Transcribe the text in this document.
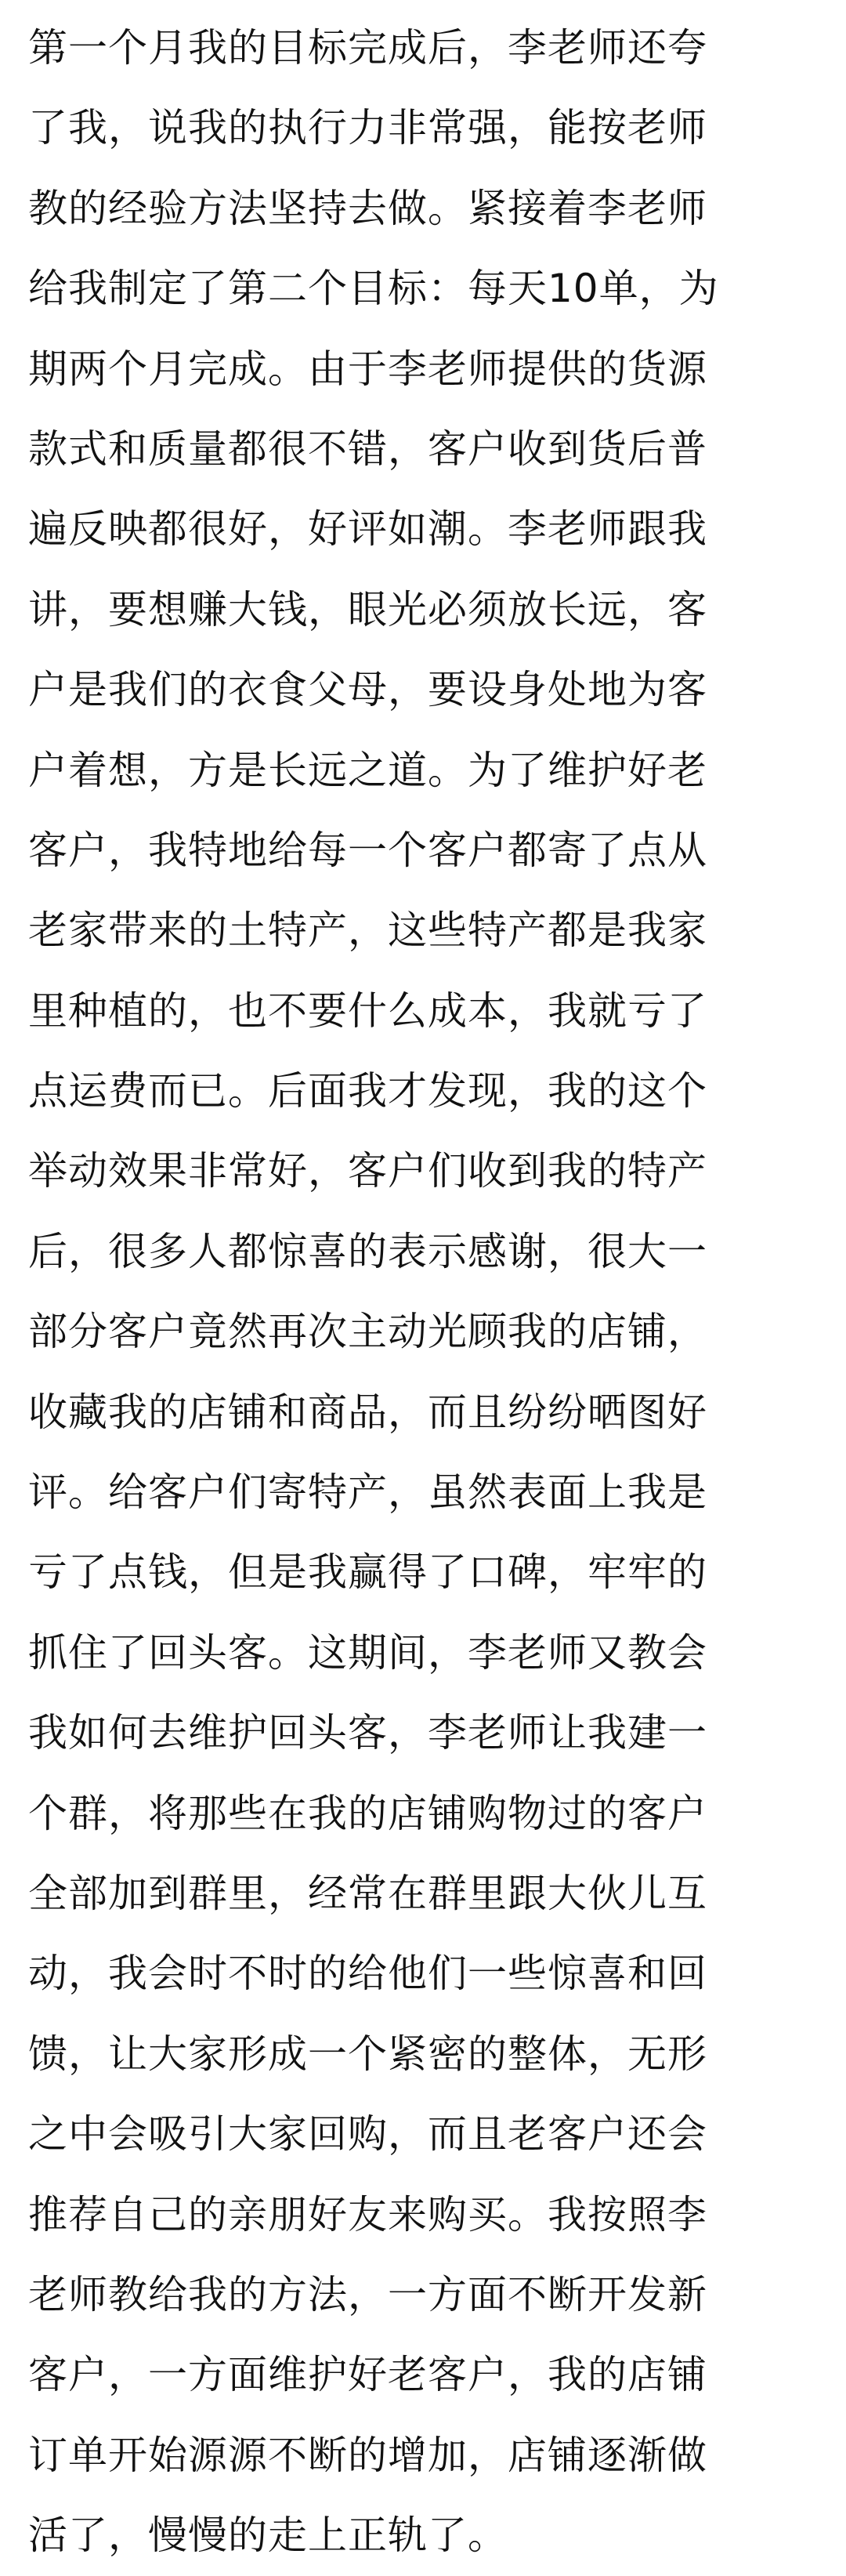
第一个月我的目标完成后，李老师还夸
了我，说我的执行力非常强，能按老师
教的经验方法坚持去做。紧接着李老师
给我制定了第二个目标：每天10单，为
期两个月完成。由于李老师提供的货源
款式和质量都很不错，客户收到货后普
遍反映都很好，好评如潮。李老师跟我
讲，要想赚大钱，眼光必须放长远，客
户是我们的衣食父母，要设身处地为客
户着想，方是长远之道。为了维护好老
客户，我特地给每一个客户都寄了点从
老家带来的土特产，这些特产都是我家
里种植的，也不要什么成本，我就亏了
点运费而已。后面我才发现，我的这个
举动效果非常好，客户们收到我的特产
后，很多人都惊喜的表示感谢，很大一
部分客户竟然再次主动光顾我的店铺，
收藏我的店铺和商品，而且纷纷晒图好
评。给客户们寄特产，虽然表面上我是
亏了点钱，但是我赢得了口碑，牢牢的
抓住了回头客。这期间，李老师又教会
我如何去维护回头客，李老师让我建一
个群，将那些在我的店铺购物过的客户
全部加到群里，经常在群里跟大伙儿互
动，我会时不时的给他们一些惊喜和回
馈，让大家形成一个紧密的整体，无形
之中会吸引大家回购，而且老客户还会
推荐自己的亲朋好友来购买。我按照李
老师教给我的方法，一方面不断开发新
客户，一方面维护好老客户，我的店铺
订单开始源源不断的增加，店铺逐渐做
活了，慢慢的走上正轨了。
